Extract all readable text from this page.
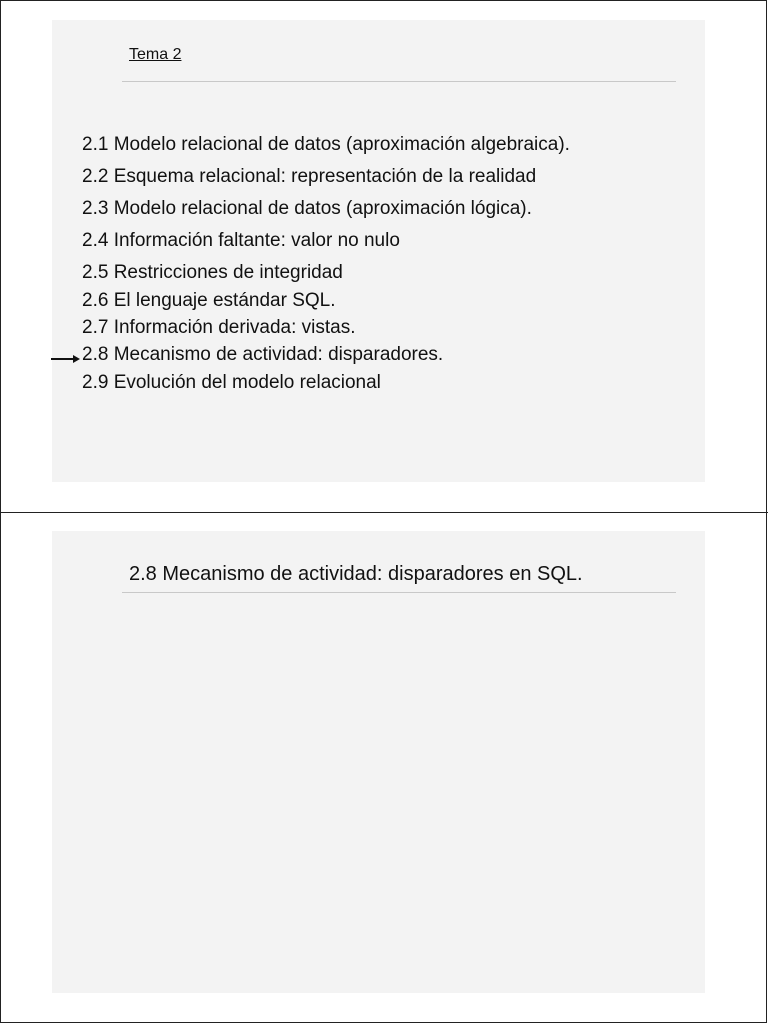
Tema 2
2.1 Modelo relacional de datos (aproximación algebraica).
2.2 Esquema relacional: representación de la realidad
2.3 Modelo relacional de datos (aproximación lógica).
2.4 Información faltante: valor no nulo
2.5 Restricciones de integridad
2.6 El lenguaje estándar SQL.
2.7 Información derivada: vistas.
2.8 Mecanismo de actividad: disparadores.
2.9 Evolución del modelo relacional
2.8 Mecanismo de actividad: disparadores en SQL.
